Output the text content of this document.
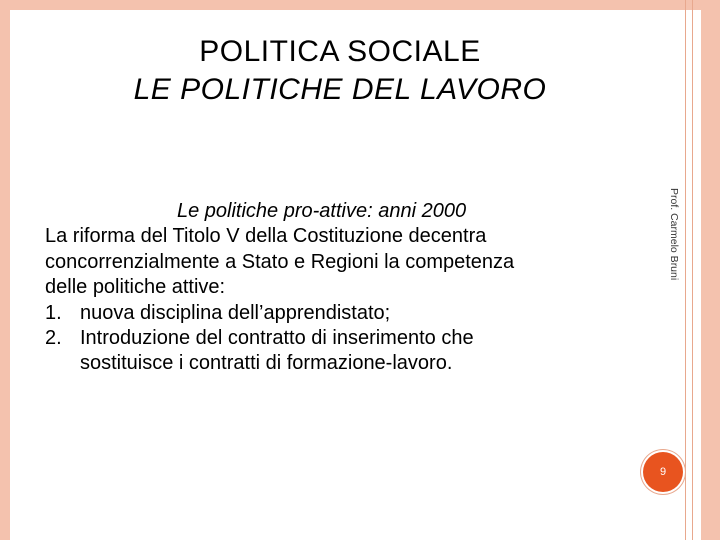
POLITICA SOCIALE
LE POLITICHE DEL LAVORO
Le politiche pro-attive: anni 2000
La riforma del Titolo V della Costituzione decentra
concorrenzialmente a Stato e Regioni la competenza
delle politiche attive:
1. nuova disciplina dell’apprendistato;
2. Introduzione del contratto di inserimento che
sostituisce i contratti di formazione-lavoro.
Prof. Carmelo Bruni
9
